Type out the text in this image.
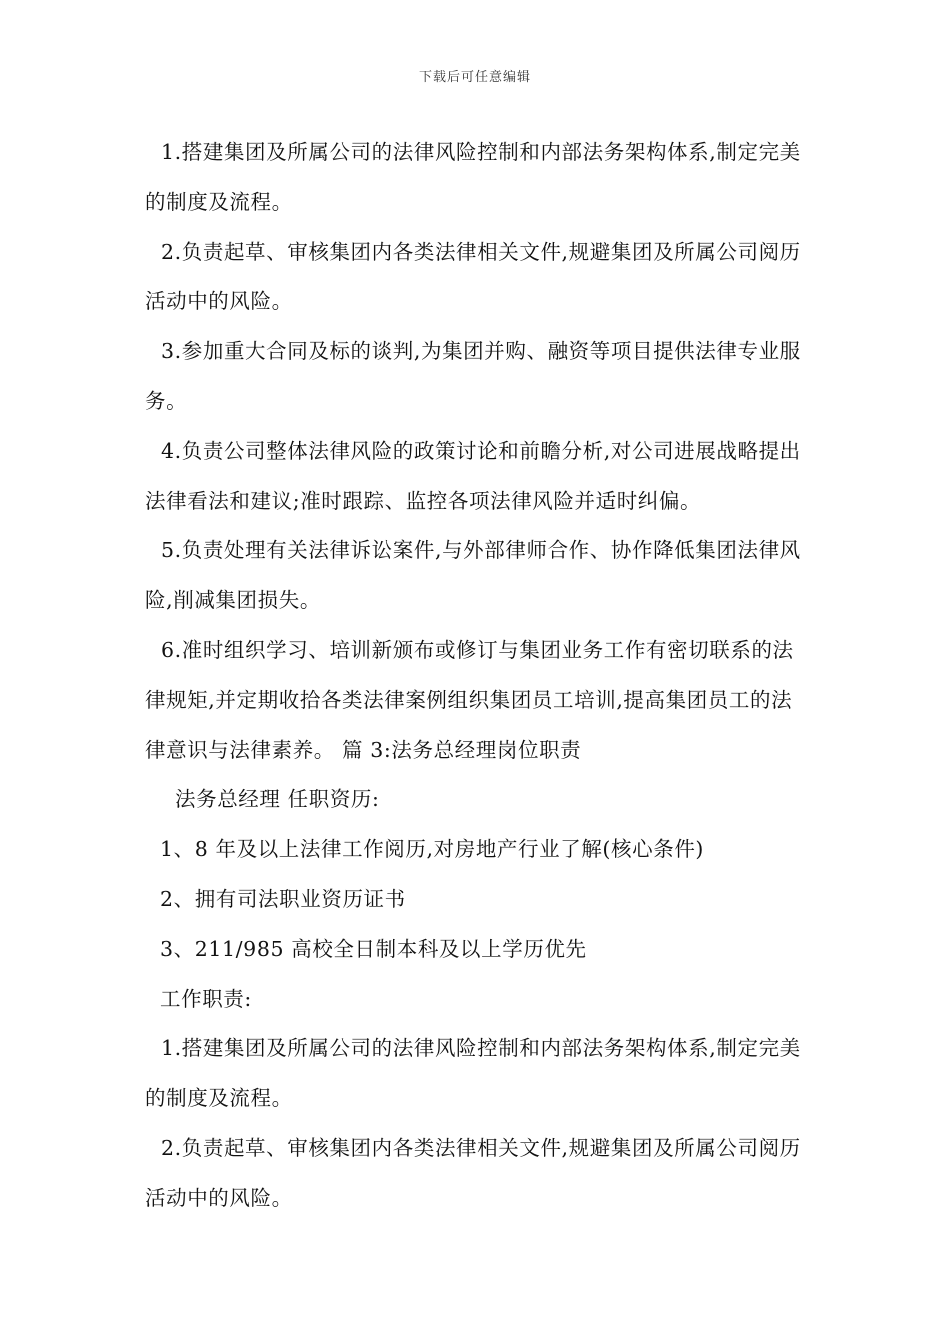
下载后可任意编辑

1.搭建集团及所属公司的法律风险控制和内部法务架构体系,制定完美的制度及流程。

2.负责起草、审核集团内各类法律相关文件,规避集团及所属公司阅历活动中的风险。

3.参加重大合同及标的谈判,为集团并购、融资等项目提供法律专业服务。

4.负责公司整体法律风险的政策讨论和前瞻分析,对公司进展战略提出法律看法和建议;准时跟踪、监控各项法律风险并适时纠偏。

5.负责处理有关法律诉讼案件,与外部律师合作、协作降低集团法律风险,削减集团损失。

6.准时组织学习、培训新颁布或修订与集团业务工作有密切联系的法律规矩,并定期收拾各类法律案例组织集团员工培训,提高集团员工的法律意识与法律素养。 篇 3:法务总经理岗位职责

法务总经理 任职资历:

1、8 年及以上法律工作阅历,对房地产行业了解(核心条件)

2、拥有司法职业资历证书

3、211/985 高校全日制本科及以上学历优先

工作职责:

1.搭建集团及所属公司的法律风险控制和内部法务架构体系,制定完美的制度及流程。

2.负责起草、审核集团内各类法律相关文件,规避集团及所属公司阅历活动中的风险。
